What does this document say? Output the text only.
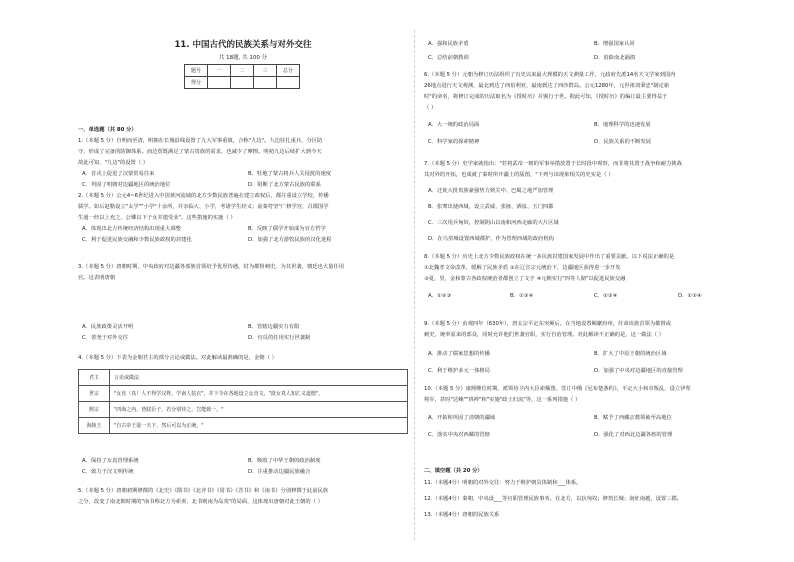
11. 中国古代的民族关系与对外交往
共 18题, 共 100 分
题号	一	二	三	总分
得分				
一、单选题（共 80 分）

1.（本题 5 分）自明而至清，明朝在长城沿线设置了九大军事重镇，合称"九边"。九边驻扎重兵，分区防

守，形成了完备的防御体系。而边贸既满足了蒙古贵族的需求，也减少了摩擦。明初九边后续扩大到今天

故此可知，"九边"的设置（ ）

A．首戎上促进了汉蒙贸易往来	B．牡地了蒙古将兵人关侵扰的速度
C．巩固了明朝对边疆地区的统治地位	D．阻断了北方蒙古民族的联系

2.（本题 5 分）公元4~6世纪进入中国黄河流域的北方少数民族普遍在建立政权后，都注重设立学校，传播

儒学。如后赵勒设立"太学""小学"十余所，并亲临大、小学，考诸学生经义；前秦符坚"广修学宫，召郡国学

生通一经以上充之，公卿以下子女并遣受业"。这些措施的实施（ ）

A．体现出北方传统经济结构出现重大调整	B．反映了儒学开始成为官方哲学
C．利于促进民族交融和少数民族政权的封建化	D．加强了北方游牧民族的汉化进程

3.（本题 5 分）唐朝时期，中央政府对边疆各部族首领给予优厚待遇，封为都督刺史，为其世袭，朝廷也大量任用

官。这表明唐朝

A．民族政策灵活开明	B．管辖边疆实力有限
C．善尧于对外交往	D．官员的任用实行世袭制

4.（本题 5 分）下表为金朝君主的部分言论或做法。对此解读最准确的是，金朝（ ）

君主	言论或做法
世宗	"女直（真）人不得学汉姓，学南人装衣"，并下令在各地设立女直文，"欲女真人知汇义道德"。
熙宗	"四海之内，皆朕臣子，若分别待之，岂能致一。"
海陵王	"自古帝王混一天下，然后可以为正统。"
A．保持了女真管理系统	B．吸收了中华王朝的政治制度
C．致力于汉文明传统	D．注重推动边疆民族融合

5.（本题 5 分）唐朝初期修撰的《北史》《隋书》《北齐书》《周书》《晋书》和《南书》分别修撰于此前民族

之分，改变了南北朝时期的"南书称北方为索虏，北书则南为岛夷"的局面，这体现出唐朝对此王朝的（ ）

A．强和民族矛盾	B．增强国家认同
C．总结前朝教训	D．消除南北隔阂

6.（本题 5 分）元朝为修订历法组织了有史以来最大规模的天文测量工作，元政府先派14名天文学家到国内

26地点进行天文观测，最北到达了西伯利亚，最南到达了西沙群岛。公元1280年，元世祖刘秉忠"制定新

时"的命名，将修订完成的历法取名为《授时历》并颁行于世。据此可知，《授时历》的编订最主要得益于

（ ）

A．大一统的政治局面	B．地理科学的迅速发展
C．科学家的探索精神	D．民族关系的不断发展

7.（本题 5 分）史学家就指出："若将武帝一朝的军事举措放置于长时段中观察，而非将其置于战争和耐力挑战

其对外的开拓，也成就了秦时所开疆土的版图，"下列与该现象相关的史实是（ ）

A．迁徙大批贵族豪强势力到关中、巴蜀之地严加管理
B．张骞出使西域，设立武威、张掖、酒泉、玉门四郡
C．三次用兵匈奴，控制阴山以南和河西走廊的大片区域
D．在乌垒城设置西域都护，作为管理西域的政府机构

8.（本题 5 分）历史上北方少数民族政权在统一多民族封建国家发展中作出了重要贡献。以下说法正确的是

①北魏孝文帝改革，缓解了民族矛盾 ②在辽宣宗元统治下，边疆地区获得进一步开发

③夏，里，金和蒙古各政权统治者都创立了文字 ④元朝实行"四等人制"以促进民族交融

A．①②③	B．①③④	C．②③④	D．①②④

9.（本题 5 分）贞观四年（630年），唐太宗平定东突厥后，在当地设置羁縻府州，任命该族首领为都督或

刺史，统率原来的部众，同时允许他们世袭官职，实行自治管理。对此解读不正确的是，这一做法（ ）

A．推动了儒家思想的传播	B．扩大了中原王朝的统治区域
C．利于维护多元一体格局	D．加强了中央对边疆地区的直接管理

10.（本题 5 分）康熙继位时期，派领侍卫内大臣索额图、签订中俄《尼布楚条约》，平定大小和卓叛乱，设立伊犁

将军，甚时"达赖""班禅"和"实施"政土归流"等，这一系列措施（ ）

A．开拓和巩固了清朝的疆域	B．赋予了西藏宗教领袖至高地位
C．落实中央对西藏的管辖	D．强化了对西北边疆各族的管理
二、填空题（共 20 分）

11.（本题4分）明朝的对外交往：努力于维护朝贡体制和___体系。

12.（本题4分）秦朝，中央设___等官职管理民族事务。在北方，以抗匈奴；修筑长城；南征南越，设置三郡。

13.（本题4分）唐朝的民族关系
